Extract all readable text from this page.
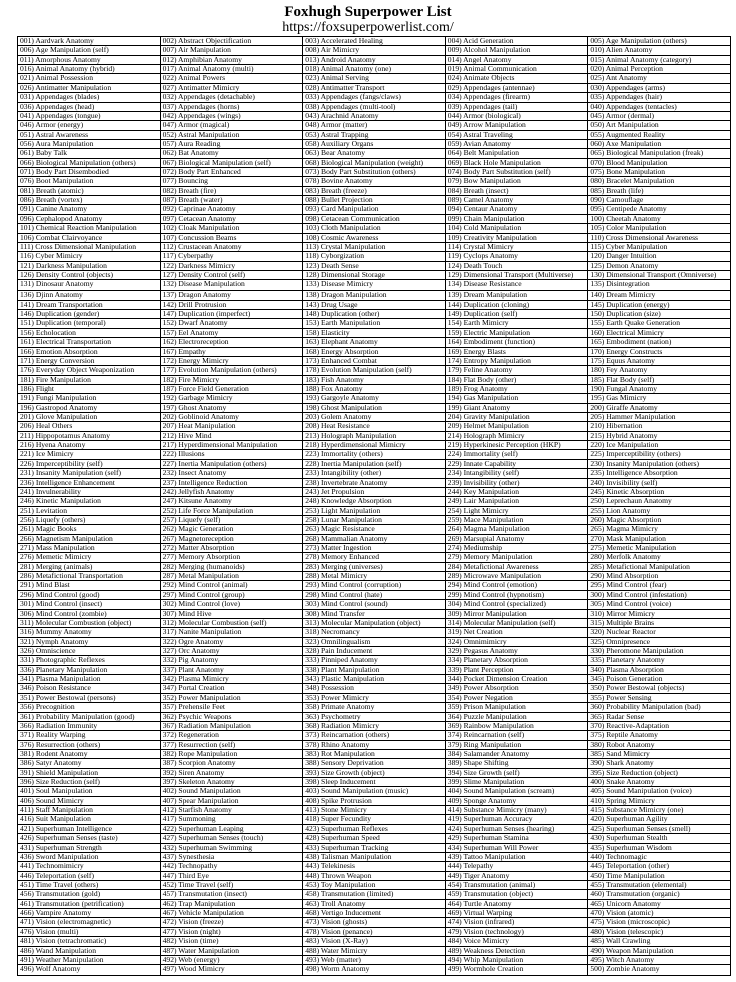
Foxhugh Superpower List
https://foxsuperpowerlist.com/
001) Aardvark Anatomy	002) Abstract Objectification	003) Accelerated Healing	004) Acid Generation	005) Age Manipulation (others)
006) Age Manipulation (self)	007) Air Manipulation	008) Air Mimicry	009) Alcohol Manipulation	010) Alien Anatomy
011) Amorphous Anatomy	012) Amphibian Anatomy	013) Android Anatomy	014) Angel Anatomy	015) Animal Anatomy (category)
016) Animal Anatomy (hybrid)	017) Animal Anatomy (multi)	018) Animal Anatomy (one)	019) Animal Communication	020) Animal Perception
021) Animal Possession	022) Animal Powers	023) Animal Serving	024) Animate Objects	025) Ant Anatomy
026) Antimatter Manipulation	027) Antimatter Mimicry	028) Antimatter Transport	029) Appendages (antennae)	030) Appendages (arms)
031) Appendages (blades)	032) Appendages (detachable)	033) Appendages (fangs/claws)	034) Appendages (firearm)	035) Appendages (hair)
036) Appendages (head)	037) Appendages (horns)	038) Appendages (multi-tool)	039) Appendages (tail)	040) Appendages (tentacles)
041) Appendages (tongue)	042) Appendages (wings)	043) Arachnid Anatomy	044) Armor (biological)	045) Armor (dermal)
046) Armor (energy)	047) Armor (magical)	048) Armor (matter)	049) Arrow Manipulation	050) Art Manipulation
051) Astral Awareness	052) Astral Manipulation	053) Astral Trapping	054) Astral Traveling	055) Augmented Reality
056) Aura Manipulation	057) Aura Reading	058) Auxiliary Organs	059) Avian Anatomy	060) Axe Manipulation
061) Baby Talk	062) Bat Anatomy	063) Bear Anatomy	064) Belt Manipulation	065) Biological Manipulation (freak)
066) Biological Manipulation (others)	067) Biological Manipulation (self)	068) Biological Manipulation (weight)	069) Black Hole Manipulation	070) Blood Manipulation
071) Body Part Disembodied	072) Body Part Enhanced	073) Body Part Substitution (others)	074) Body Part Substitution (self)	075) Bone Manipulation
076) Boot Manipulation	077) Bouncing	078) Bovine Anatomy	079) Bow Manipulation	080) Bracelet Manipulation
081) Breath (atomic)	082) Breath (fire)	083) Breath (freeze)	084) Breath (insect)	085) Breath (life)
086) Breath (vortex)	087) Breath (water)	088) Bullet Projection	089) Camel Anatomy	090) Camouflage
091) Canine Anatomy	092) Caprinae Anatomy	093) Card Manipulation	094) Centaur Anatomy	095) Centipede Anatomy
096) Cephalopod Anatomy	097) Cetacean Anatomy	098) Cetacean Communication	099) Chain Manipulation	100) Cheetah Anatomy
101) Chemical Reaction Manipulation	102) Cloak Manipulation	103) Cloth Manipulation	104) Cold Manipulation	105) Color Manipulation
106) Combat Clairvoyance	107) Concussion Beams	108) Cosmic Awareness	109) Creativity Manipulation	110) Cross Dimensional Awareness
111) Cross Dimensional Manipulation	112) Crustacean Anatomy	113) Crystal Manipulation	114) Crystal Mimicry	115) Cyber Manipulation
116) Cyber Mimicry	117) Cyberpathy	118) Cyborgization	119) Cyclops Anatomy	120) Danger Intuition
121) Darkness Manipulation	122) Darkness Mimicry	123) Death Sense	124) Death Touch	125) Demon Anatomy
126) Density Control (objects)	127) Density Control (self)	128) Dimensional Storage	129) Dimensional Transport (Multiverse)	130) Dimensional Transport (Omniverse)
131) Dinosaur Anatomy	132) Disease Manipulation	133) Disease Mimicry	134) Disease Resistance	135) Disintegration
136) Djinn Anatomy	137) Dragon Anatomy	138) Dragon Manipulation	139) Dream Manipulation	140) Dream Mimicry
141) Dream Transportation	142) Drill Protrusion	143) Drug Usage	144) Duplication (cloning)	145) Duplication (energy)
146) Duplication (gender)	147) Duplication (imperfect)	148) Duplication (other)	149) Duplication (self)	150) Duplication (size)
151) Duplication (temporal)	152) Dwarf Anatomy	153) Earth Manipulation	154) Earth Mimicry	155) Earth Quake Generation
156) Echolocation	157) Eel Anatomy	158) Elasticity	159) Electric Manipulation	160) Electrical Mimicry
161) Electrical Transportation	162) Electroreception	163) Elephant Anatomy	164) Embodiment (function)	165) Embodiment (nation)
166) Emotion Absorption	167) Empathy	168) Energy Absorption	169) Energy Blasts	170) Energy Constructs
171) Energy Conversion	172) Energy Mimicry	173) Enhanced Combat	174) Entropy Manipulation	175) Equus Anatomy
176) Everyday Object Weaponization	177) Evolution Manipulation (others)	178) Evolution Manipulation (self)	179) Feline Anatomy	180) Fey Anatomy
181) Fire Manipulation	182) Fire Mimicry	183) Fish Anatomy	184) Flat Body (other)	185) Flat Body (self)
186) Flight	187) Force Field Generation	188) Fox Anatomy	189) Frog Anatomy	190) Fungal Anatomy
191) Fungi Manipulation	192) Garbage Mimicry	193) Gargoyle Anatomy	194) Gas Manipulation	195) Gas Mimicry
196) Gastropod Anatomy	197) Ghost Anatomy	198) Ghost Manipulation	199) Giant Anatomy	200) Giraffe Anatomy
201) Glove Manipulation	202) Goblinoid Anatomy	203) Golem Anatomy	204) Gravity Manipulation	205) Hammer Manipulation
206) Heal Others	207) Heat Manipulation	208) Heat Resistance	209) Helmet Manipulation	210) Hibernation
211) Hippopotamus Anatomy	212) Hive Mind	213) Holograph Manipulation	214) Holograph Mimicry	215) Hybrid Anatomy
216) Hyena Anatomy	217) Hyperdimensional Manipulation	218) Hyperdimensional Mimicry	219) Hyperkinesic Perception (HKP)	220) Ice Manipulation
221) Ice Mimicry	222) Illusions	223) Immortality (others)	224) Immortality (self)	225) Imperceptibility (others)
226) Imperceptibility (self)	227) Inertia Manipulation (others)	228) Inertia Manipulation (self)	229) Innate Capability	230) Insanity Manipulation (others)
231) Insanity Manipulation (self)	232) Insect Anatomy	233) Intangibility (other)	234) Intangibility (self)	235) Intelligence Absorption
236) Intelligence Enhancement	237) Intelligence Reduction	238) Invertebrate Anatomy	239) Invisibility (other)	240) Invisibility (self)
241) Invulnerability	242) Jellyfish Anatomy	243) Jet Propulsion	244) Key Manipulation	245) Kinetic Absorption
246) Kinetic Manipulation	247) Kitsune Anatomy	248) Knowledge Absorption	249) Lair Manipulation	250) Leprechaun Anatomy
251) Levitation	252) Life Force Manipulation	253) Light Manipulation	254) Light Mimicry	255) Lion Anatomy
256) Liquefy (others)	257) Liquefy (self)	258) Lunar Manipulation	259) Mace Manipulation	260) Magic Absorption
261) Magic Books	262) Magic Generation	263) Magic Resistance	264) Magma Manipulation	265) Magma Mimicry
266) Magnetism Manipulation	267) Magnetoreception	268) Mammalian Anatomy	269) Marsupial Anatomy	270) Mask Manipulation
271) Mass Manipulation	272) Matter Absorption	273) Matter Ingestion	274) Mediumship	275) Memetic Manipulation
276) Memetic Mimicry	277) Memory Absorption	278) Memory Enhanced	279) Memory Manipulation	280) Merfolk Anatomy
281) Merging (animals)	282) Merging (humanoids)	283) Merging (universes)	284) Metafictional Awareness	285) Metafictional Manipulation
286) Metafictional Transportation	287) Metal Manipulation	288) Metal Mimicry	289) Microwave Manipulation	290) Mind Absorption
291) Mind Blast	292) Mind Control (animal)	293) Mind Control (corruption)	294) Mind Control (emotion)	295) Mind Control (fear)
296) Mind Control (good)	297) Mind Control (group)	298) Mind Control (hate)	299) Mind Control (hypnotism)	300) Mind Control (infestation)
301) Mind Control (insect)	302) Mind Control (love)	303) Mind Control (sound)	304) Mind Control (specialized)	305) Mind Control (voice)
306) Mind Control (zombie)	307) Mind Hive	308) Mind Transfer	309) Mirror Manipulation	310) Mirror Mimicry
311) Molecular Combustion (object)	312) Molecular Combustion (self)	313) Molecular Manipulation (object)	314) Molecular Manipulation (self)	315) Multiple Brains
316) Mummy Anatomy	317) Nanite Manipulation	318) Necromancy	319) Net Creation	320) Nuclear Reactor
321) Nymph Anatomy	322) Ogre Anatomy	323) Omnilingualism	324) Omnimimicry	325) Omnipresence
326) Omniscience	327) Orc Anatomy	328) Pain Inducement	329) Pegasus Anatomy	330) Pheromone Manipulation
331) Photographic Reflexes	332) Pig Anatomy	333) Pinniped Anatomy	334) Planetary Absorption	335) Planetary Anatomy
336) Planetary Manipulation	337) Plant Anatomy	338) Plant Manipulation	339) Plant Perception	340) Plasma Absorption
341) Plasma Manipulation	342) Plasma Mimicry	343) Plastic Manipulation	344) Pocket Dimension Creation	345) Poison Generation
346) Poison Resistance	347) Portal Creation	348) Possession	349) Power Absorption	350) Power Bestowal (objects)
351) Power Bestowal (persons)	352) Power Manipulation	353) Power Mimicry	354) Power Negation	355) Power Sensing
356) Precognition	357) Prehensile Feet	358) Primate Anatomy	359) Prison Manipulation	360) Probability Manipulation (bad)
361) Probability Manipulation (good)	362) Psychic Weapons	363) Psychometry	364) Puzzle Manipulation	365) Radar Sense
366) Radiation Immunity	367) Radiation Manipulation	368) Radiation Mimicry	369) Rainbow Manipulation	370) Reactive-Adaptation
371) Reality Warping	372) Regeneration	373) Reincarnation (others)	374) Reincarnation (self)	375) Reptile Anatomy
376) Resurrection (others)	377) Resurrection (self)	378) Rhino Anatomy	379) Ring Manipulation	380) Robot Anatomy
381) Rodent Anatomy	382) Rope Manipulation	383) Rot Manipulation	384) Salamander Anatomy	385) Sand Mimicry
386) Satyr Anatomy	387) Scorpion Anatomy	388) Sensory Deprivation	389) Shape Shifting	390) Shark Anatomy
391) Shield Manipulation	392) Siren Anatomy	393) Size Growth (object)	394) Size Growth (self)	395) Size Reduction (object)
396) Size Reduction (self)	397) Skeleton Anatomy	398) Sleep Inducement	399) Slime Manipulation	400) Snake Anatomy
401) Soul Manipulation	402) Sound Manipulation	403) Sound Manipulation (music)	404) Sound Manipulation (scream)	405) Sound Manipulation (voice)
406) Sound Mimicry	407) Spear Manipulation	408) Spike Protrusion	409) Sponge Anatomy	410) Spring Mimicry
411) Staff Manipulation	412) Starfish Anatomy	413) Stone Mimicry	414) Substance Mimicry (many)	415) Substance Mimicry (one)
416) Suit Manipulation	417) Summoning	418) Super Fecundity	419) Superhuman Accuracy	420) Superhuman Agility
421) Superhuman Intelligence	422) Superhuman Leaping	423) Superhuman Reflexes	424) Superhuman Senses (hearing)	425) Superhuman Senses (smell)
426) Superhuman Senses (taste)	427) Superhuman Senses (touch)	428) Superhuman Speed	429) Superhuman Stamina	430) Superhuman Stealth
431) Superhuman Strength	432) Superhuman Swimming	433) Superhuman Tracking	434) Superhuman Will Power	435) Superhuman Wisdom
436) Sword Manipulation	437) Synesthesia	438) Talisman Manipulation	439) Tattoo Manipulation	440) Technomagic
441) Technomimicry	442) Technopathy	443) Telekinesis	444) Telepathy	445) Teleportation (other)
446) Teleportation (self)	447) Third Eye	448) Thrown Weapon	449) Tiger Anatomy	450) Time Manipulation
451) Time Travel (others)	452) Time Travel (self)	453) Toy Manipulation	454) Transmutation (animal)	455) Transmutation (elemental)
456) Transmutation (gold)	457) Transmutation (insect)	458) Transmutation (limited)	459) Transmutation (object)	460) Transmutation (organic)
461) Transmutation (petrification)	462) Trap Manipulation	463) Troll Anatomy	464) Turtle Anatomy	465) Unicorn Anatomy
466) Vampire Anatomy	467) Vehicle Manipulation	468) Vertigo Inducement	469) Virtual Warping	470) Vision (atomic)
471) Vision (electromagnetic)	472) Vision (freeze)	473) Vision (ghosts)	474) Vision (infrared)	475) Vision (microscopic)
476) Vision (multi)	477) Vision (night)	478) Vision (penance)	479) Vision (technology)	480) Vision (telescopic)
481) Vision (tetrachromatic)	482) Vision (time)	483) Vision (X-Ray)	484) Voice Mimicry	485) Wall Crawling
486) Wand Manipulation	487) Water Manipulation	488) Water Mimicry	489) Weakness Detection	490) Weapon Manipulation
491) Weather Manipulation	492) Web (energy)	493) Web (matter)	494) Whip Manipulation	495) Witch Anatomy
496) Wolf Anatomy	497) Wood Mimicry	498) Worm Anatomy	499) Wormhole Creation	500) Zombie Anatomy
